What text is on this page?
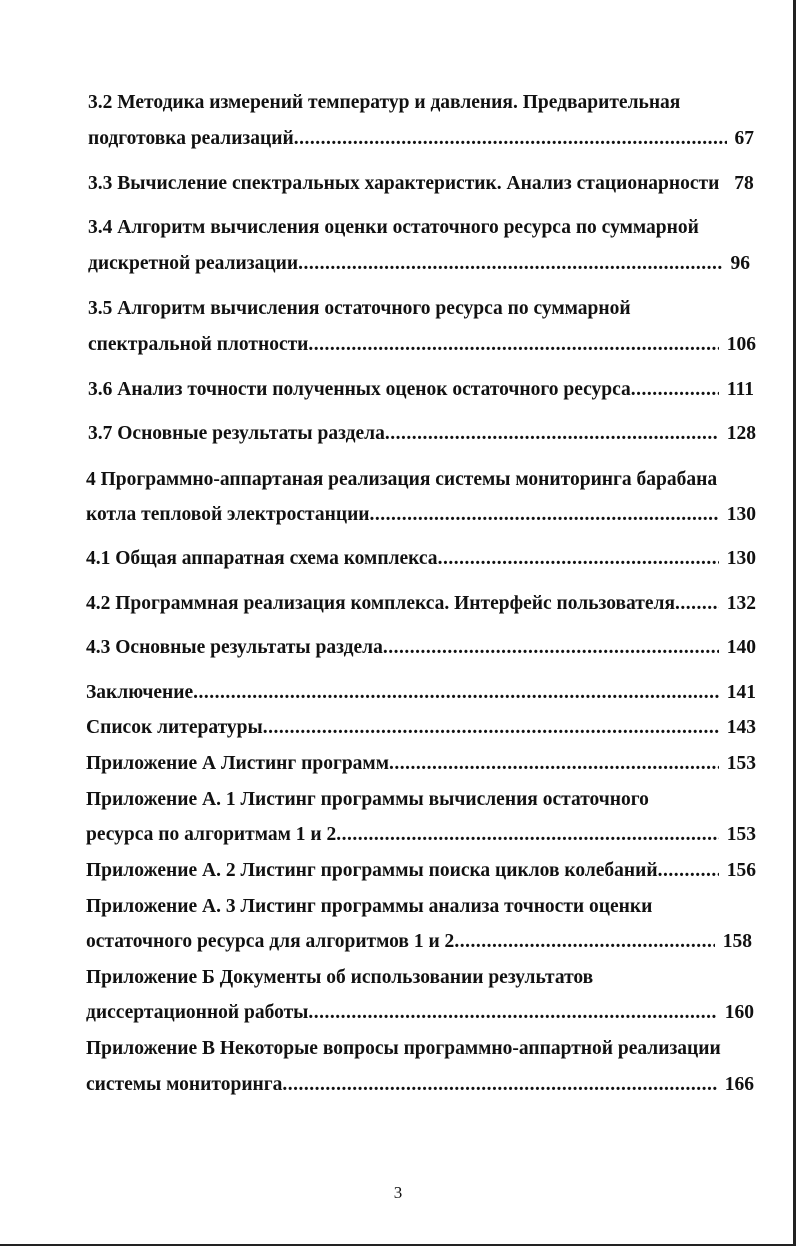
3.2 Методика измерений температур и давления. Предварительная
подготовка реализаций .....	67
3.3 Вычисление спектральных характеристик. Анализ стационарности 78
3.4 Алгоритм вычисления оценки остаточного ресурса по суммарной
дискретной реализации .....	96
3.5 Алгоритм вычисления остаточного ресурса по суммарной
спектральной плотности .....	106
3.6 Анализ точности полученных оценок остаточного ресурса .....	111
3.7 Основные результаты раздела .....	128
4 Программно-аппартаная реализация системы мониторинга барабана
котла тепловой электростанции .....	130
4.1 Общая аппаратная схема комплекса .....	130
4.2 Программная реализация комплекса. Интерфейс пользователя .....	132
4.3 Основные результаты раздела .....	140
Заключение .....	141
Список литературы .....	143
Приложение А Листинг программ .....	153
Приложение А. 1 Листинг программы вычисления остаточного
ресурса по алгоритмам 1 и 2 .....	153
Приложение А. 2 Листинг программы поиска циклов колебаний .....	156
Приложение А. 3 Листинг программы анализа точности оценки
остаточного ресурса для алгоритмов 1 и 2 .....	158
Приложение Б Документы об использовании результатов
диссертационной работы .....	160
Приложение В Некоторые вопросы программно-аппартной реализации
системы мониторинга .....	166
3
